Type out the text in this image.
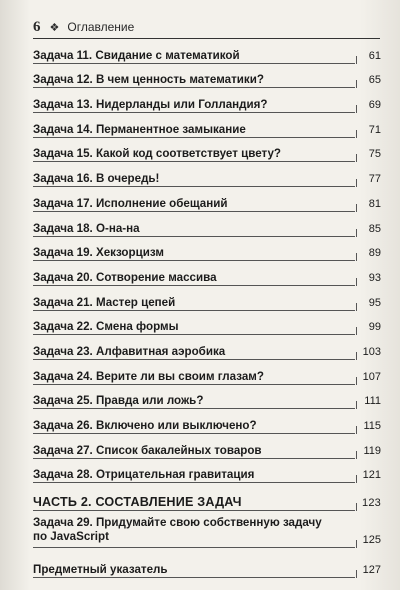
6 ❖ Оглавление
Задача 11. Свидание с математикой	61
Задача 12. В чем ценность математики?	65
Задача 13. Нидерланды или Голландия?	69
Задача 14. Перманентное замыкание	71
Задача 15. Какой код соответствует цвету?	75
Задача 16. В очередь!	77
Задача 17. Исполнение обещаний	81
Задача 18. О-на-на	85
Задача 19. Хекзорцизм	89
Задача 20. Сотворение массива	93
Задача 21. Мастер цепей	95
Задача 22. Смена формы	99
Задача 23. Алфавитная аэробика	103
Задача 24. Верите ли вы своим глазам?	107
Задача 25. Правда или ложь?	111
Задача 26. Включено или выключено?	115
Задача 27. Список бакалейных товаров	119
Задача 28. Отрицательная гравитация	121
ЧАСТЬ 2. СОСТАВЛЕНИЕ ЗАДАЧ	123
Задача 29. Придумайте свою собственную задачу
по JavaScript	125
Предметный указатель	127
